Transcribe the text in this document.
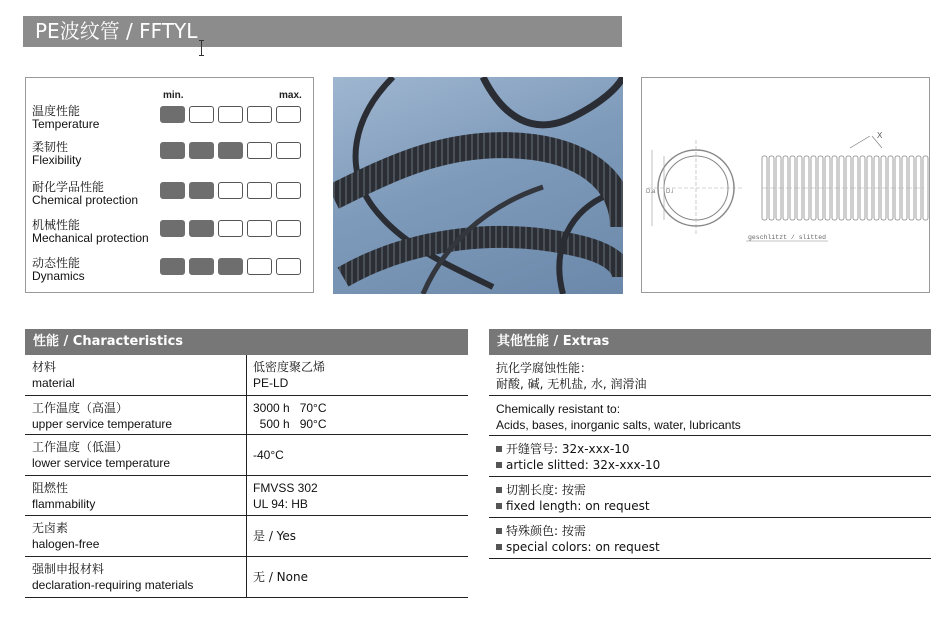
PE波纹管 / FFTYL
min.	max.
温度性能
Temperature
柔韧性
Flexibility
耐化学品性能
Chemical protection
机械性能
Mechanical protection
动态性能
Dynamics
D.a D.i
X
geschlitzt / slitted
性能 / Characteristics
材料
material
低密度聚乙烯
PE-LD
工作温度（高温）
upper service temperature
3000 h   70°C
500 h   90°C
工作温度（低温）
lower service temperature
-40°C
阻燃性
flammability
FMVSS 302
UL 94: HB
无卤素
halogen-free
是 / Yes
强制申报材料
declaration-requiring materials
无 / None
其他性能 / Extras
抗化学腐蚀性能：
耐酸, 碱, 无机盐, 水, 润滑油
Chemically resistant to:
Acids, bases, inorganic salts, water, lubricants
开缝管号: 32x-xxx-10
article slitted: 32x-xxx-10
切割长度: 按需
fixed length: on request
特殊颜色: 按需
special colors: on request
